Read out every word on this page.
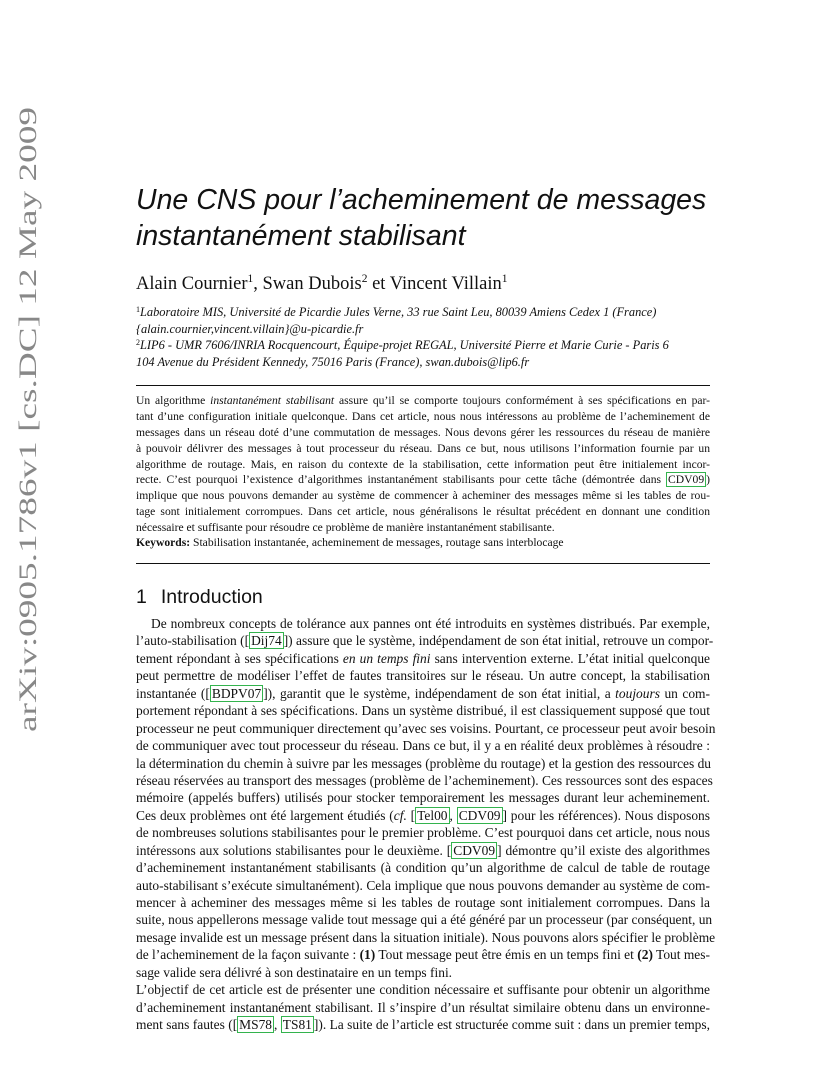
arXiv:0905.1786v1 [cs.DC] 12 May 2009
Une CNS pour l’acheminement de messages
instantanément stabilisant
Alain Cournier$^1$, Swan Dubois$^2$ et Vincent Villain$^1$
$^1$Laboratoire MIS, Université de Picardie Jules Verne, 33 rue Saint Leu, 80039 Amiens Cedex 1 (France)
{alain.cournier,vincent.villain}@u-picardie.fr
$^2$LIP6 - UMR 7606/INRIA Rocquencourt, Équipe-projet REGAL, Université Pierre et Marie Curie - Paris 6
104 Avenue du Président Kennedy, 75016 Paris (France), swan.dubois@lip6.fr
Un algorithme instantanément stabilisant assure qu’il se comporte toujours conformément à ses spécifications en par-
tant d’une configuration initiale quelconque. Dans cet article, nous nous intéressons au problème de l’acheminement de
messages dans un réseau doté d’une commutation de messages. Nous devons gérer les ressources du réseau de manière
à pouvoir délivrer des messages à tout processeur du réseau. Dans ce but, nous utilisons l’information fournie par un
algorithme de routage. Mais, en raison du contexte de la stabilisation, cette information peut être initialement incor-
recte. C’est pourquoi l’existence d’algorithmes instantanément stabilisants pour cette tâche (démontrée dans CDV09 )
implique que nous pouvons demander au système de commencer à acheminer des messages même si les tables de rou-
tage sont initialement corrompues. Dans cet article, nous généralisons le résultat précédent en donnant une condition
nécessaire et suffisante pour résoudre ce problème de manière instantanément stabilisante.
Keywords: Stabilisation instantanée, acheminement de messages, routage sans interblocage
1 Introduction
De nombreux concepts de tolérance aux pannes ont été introduits en systèmes distribués. Par exemple,
l’auto-stabilisation ([ Dij74 ]) assure que le système, indépendament de son état initial, retrouve un compor-
tement répondant à ses spécifications en un temps fini sans intervention externe. L’état initial quelconque
peut permettre de modéliser l’effet de fautes transitoires sur le réseau. Un autre concept, la stabilisation
instantanée ([ BDPV07 ]), garantit que le système, indépendament de son état initial, a toujours un com-
portement répondant à ses spécifications. Dans un système distribué, il est classiquement supposé que tout
processeur ne peut communiquer directement qu’avec ses voisins. Pourtant, ce processeur peut avoir besoin
de communiquer avec tout processeur du réseau. Dans ce but, il y a en réalité deux problèmes à résoudre :
la détermination du chemin à suivre par les messages (problème du routage) et la gestion des ressources du
réseau réservées au transport des messages (problème de l’acheminement). Ces ressources sont des espaces
mémoire (appelés buffers) utilisés pour stocker temporairement les messages durant leur acheminement.
Ces deux problèmes ont été largement étudiés (cf. [ Tel00 , CDV09 ] pour les références). Nous disposons
de nombreuses solutions stabilisantes pour le premier problème. C’est pourquoi dans cet article, nous nous
intéressons aux solutions stabilisantes pour le deuxième. [ CDV09 ] démontre qu’il existe des algorithmes
d’acheminement instantanément stabilisants (à condition qu’un algorithme de calcul de table de routage
auto-stabilisant s’exécute simultanément). Cela implique que nous pouvons demander au système de com-
mencer à acheminer des messages même si les tables de routage sont initialement corrompues. Dans la
suite, nous appellerons message valide tout message qui a été généré par un processeur (par conséquent, un
mesage invalide est un message présent dans la situation initiale). Nous pouvons alors spécifier le problème
de l’acheminement de la façon suivante : (1) Tout message peut être émis en un temps fini et (2) Tout mes-
sage valide sera délivré à son destinataire en un temps fini.
L’objectif de cet article est de présenter une condition nécessaire et suffisante pour obtenir un algorithme
d’acheminement instantanément stabilisant. Il s’inspire d’un résultat similaire obtenu dans un environne-
ment sans fautes ([ MS78 , TS81 ]). La suite de l’article est structurée comme suit : dans un premier temps,
